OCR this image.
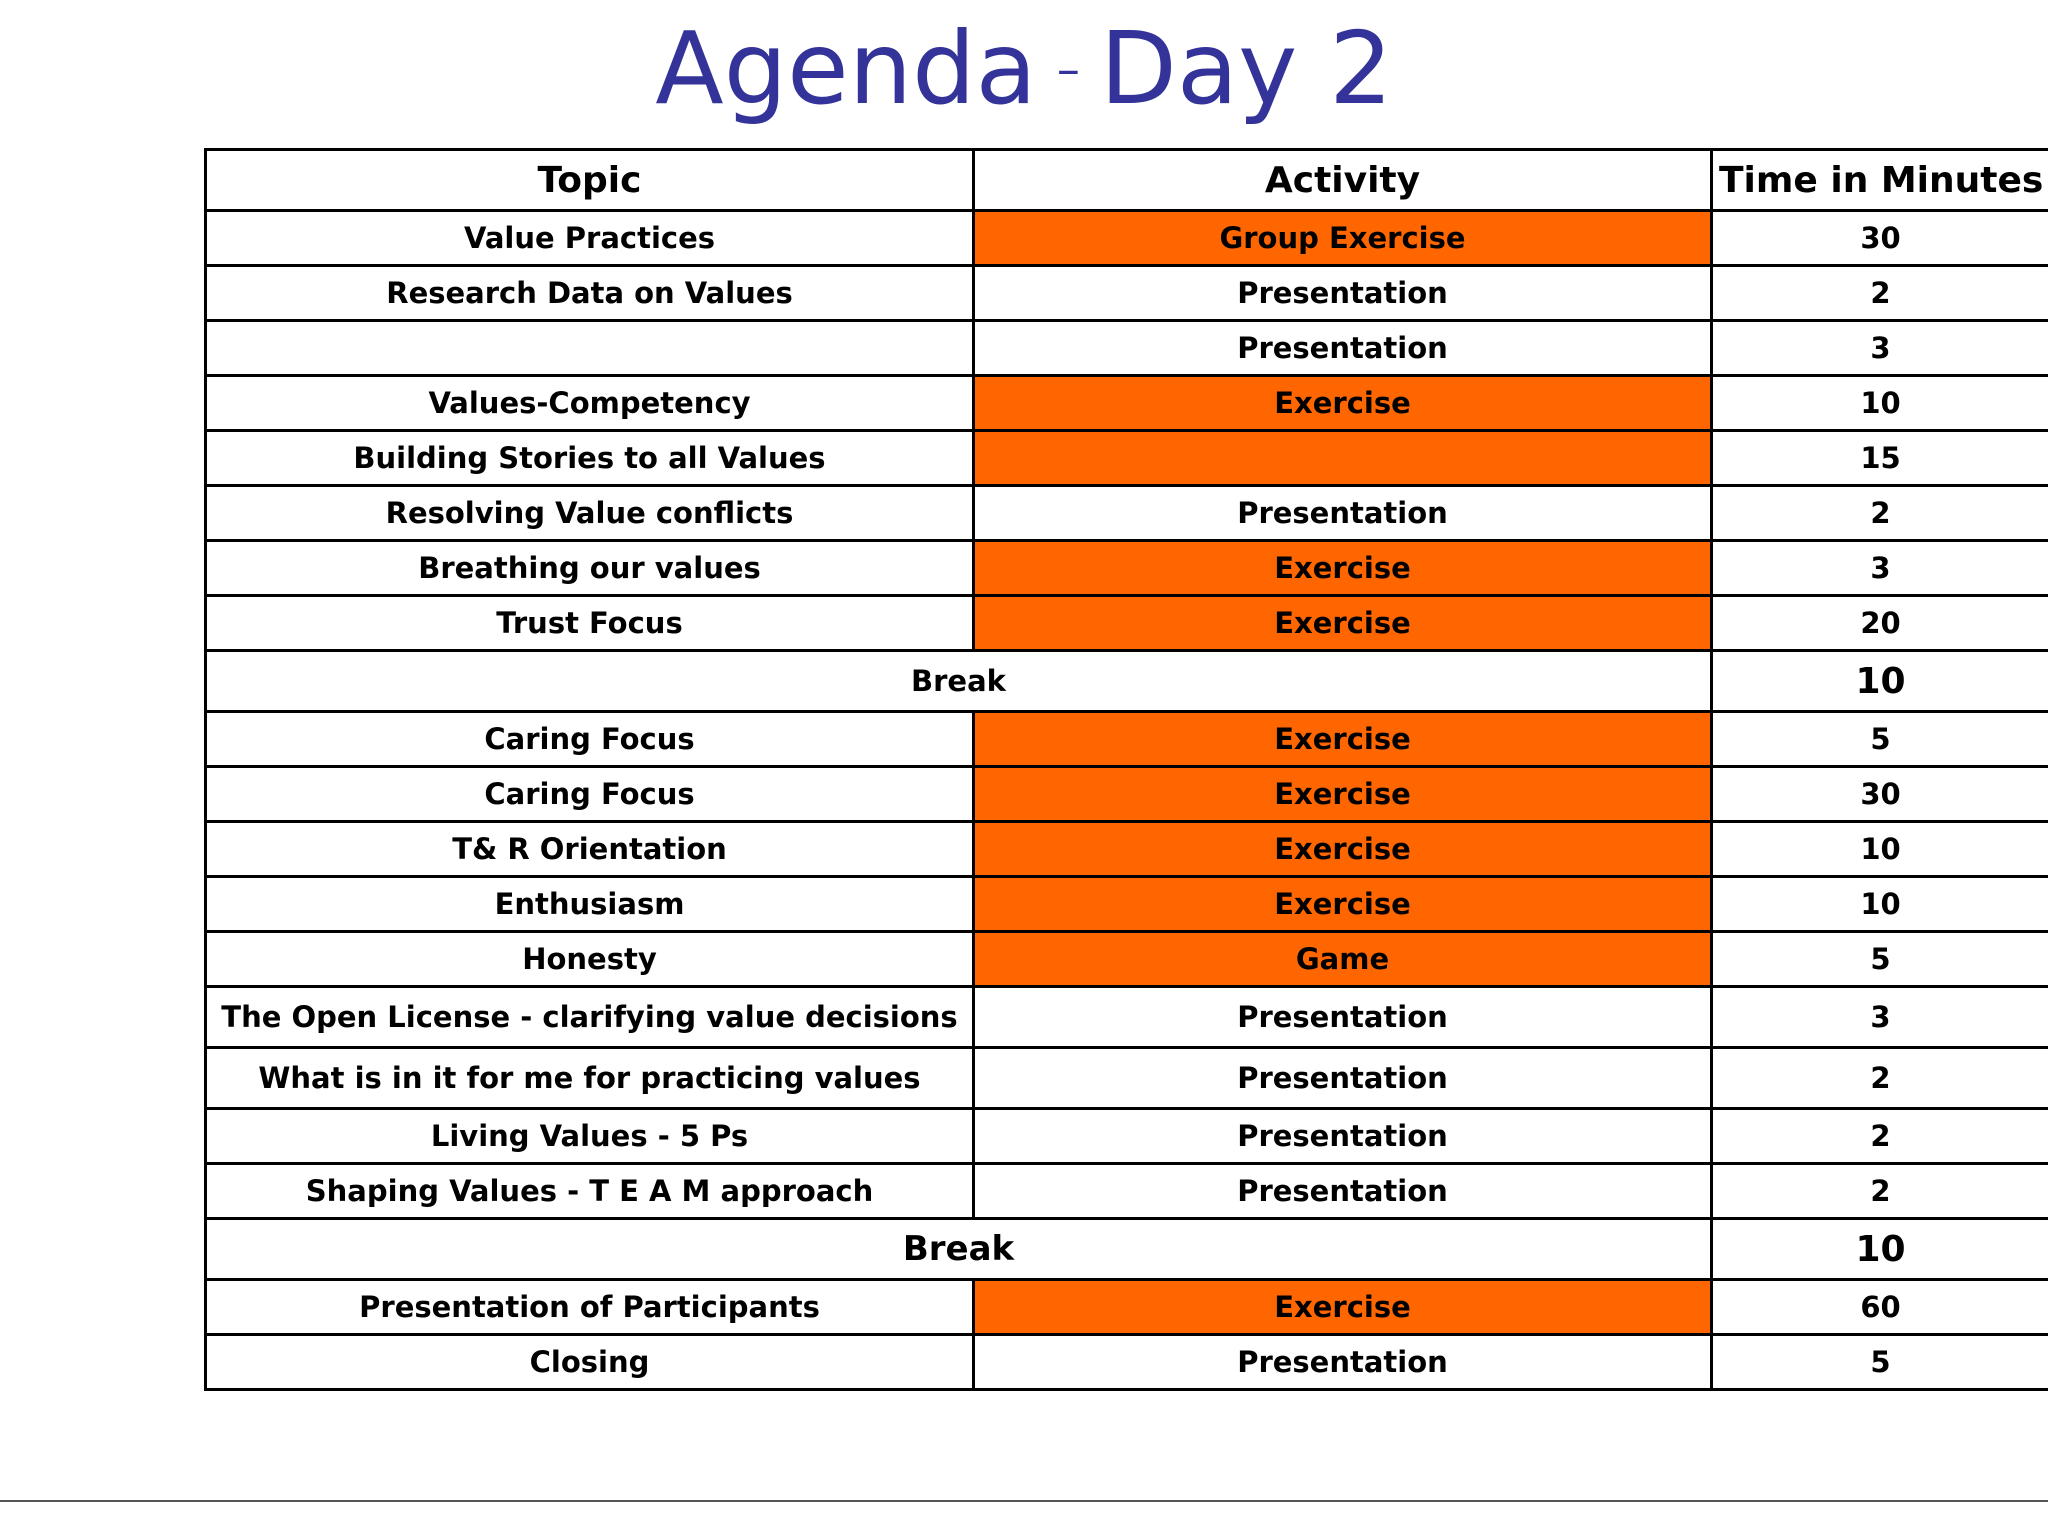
Agenda – Day 2
Topic	Activity	Time in Minutes
Value Practices	Group Exercise	30
Research Data on Values	Presentation	2
	Presentation	3
Values-Competency	Exercise	10
Building Stories to all Values		15
Resolving Value conflicts	Presentation	2
Breathing our values	Exercise	3
Trust Focus	Exercise	20
Break		10
Caring Focus	Exercise	5
Caring Focus	Exercise	30
T& R Orientation	Exercise	10
Enthusiasm	Exercise	10
Honesty	Game	5
The Open License - clarifying value decisions	Presentation	3
What is in it for me for practicing values	Presentation	2
Living Values - 5 Ps	Presentation	2
Shaping Values - T E A M approach	Presentation	2
Break		10
Presentation of Participants	Exercise	60
Closing	Presentation	5
